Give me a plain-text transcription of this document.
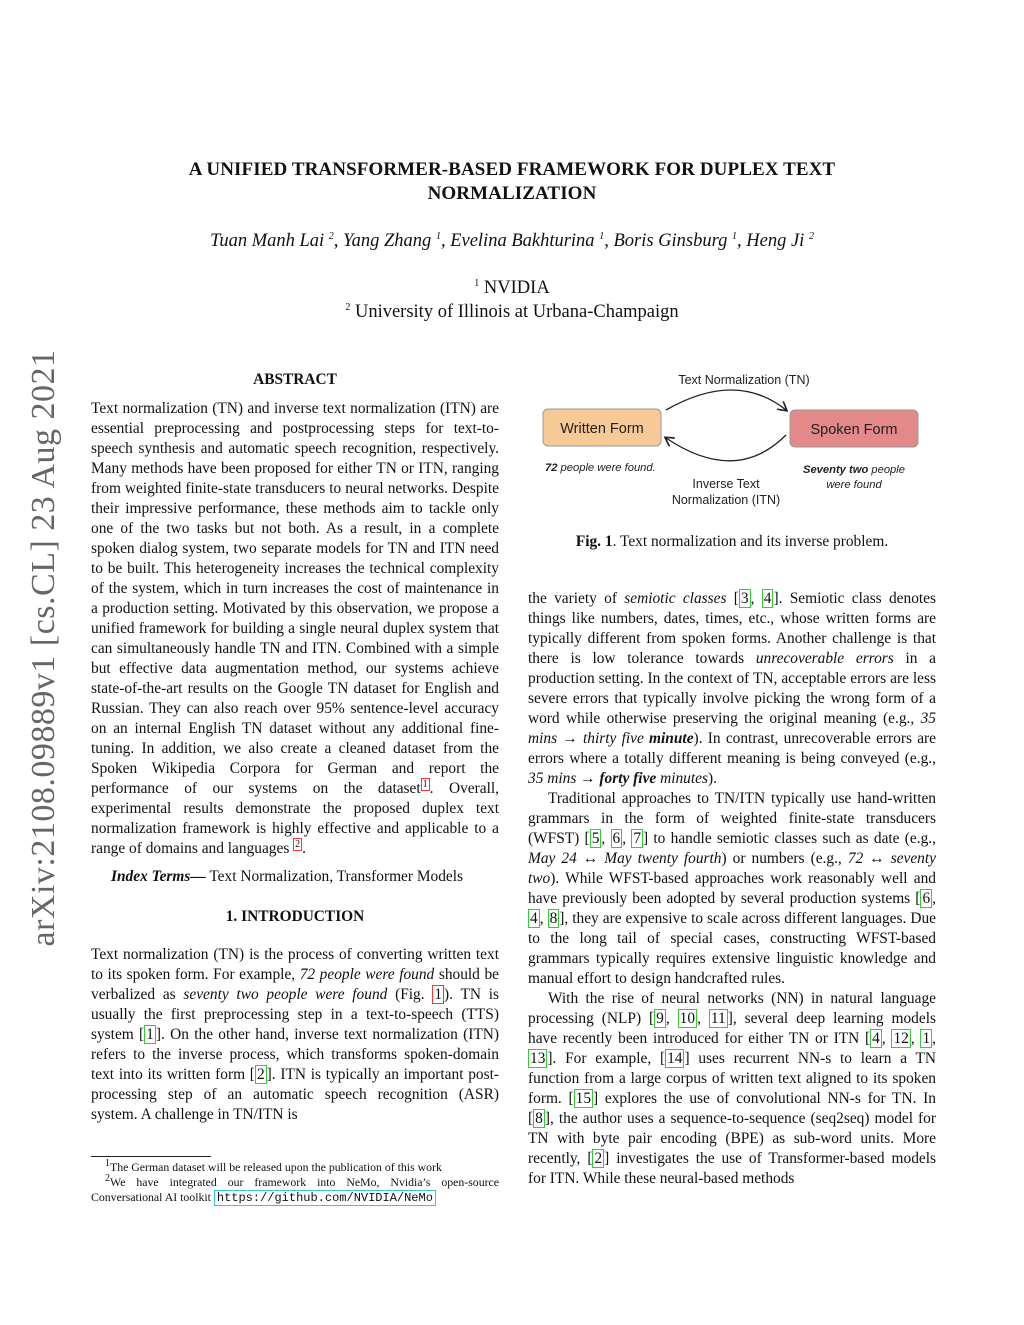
A UNIFIED TRANSFORMER-BASED FRAMEWORK FOR DUPLEX TEXT
NORMALIZATION
Tuan Manh Lai $^2$, Yang Zhang $^1$, Evelina Bakhturina $^1$, Boris Ginsburg $^1$, Heng Ji $^2$
$^1$ NVIDIA
$^2$ University of Illinois at Urbana-Champaign
arXiv:2108.09889v1 [cs.CL] 23 Aug 2021	ABSTRACT

Text normalization (TN) and inverse text normalization (ITN) are essential preprocessing and postprocessing steps for text-to-speech synthesis and automatic speech recognition, respectively. Many methods have been proposed for either TN or ITN, ranging from weighted finite-state transducers to neural networks. Despite their impressive performance, these methods aim to tackle only one of the two tasks but not both. As a result, in a complete spoken dialog system, two separate models for TN and ITN need to be built. This heterogeneity increases the technical complexity of the system, which in turn increases the cost of maintenance in a production setting. Motivated by this observation, we propose a unified framework for building a single neural duplex system that can simultaneously handle TN and ITN. Combined with a simple but effective data augmentation method, our systems achieve state-of-the-art results on the Google TN dataset for English and Russian. They can also reach over 95% sentence-level accuracy on an internal English TN dataset without any additional fine-tuning. In addition, we also create a cleaned dataset from the Spoken Wikipedia Corpora for German and report the performance of our systems on the dataset $^1$ . Overall, experimental results demonstrate the proposed duplex text normalization framework is highly effective and applicable to a range of domains and languages $^2$ .

Index Terms— Text Normalization, Transformer Models

1. INTRODUCTION

Text normalization (TN) is the process of converting written text to its spoken form. For example, 72 people were found should be verbalized as seventy two people were found (Fig. 1 ). TN is usually the first preprocessing step in a text-to-speech (TTS) system [ 1 ]. On the other hand, inverse text normalization (ITN) refers to the inverse process, which transforms spoken-domain text into its written form [ 2 ]. ITN is typically an important post-processing step of an automatic speech recognition (ASR) system. A challenge in TN/ITN is

$^1$The German dataset will be released upon the publication of this work
$^2$We have integrated our framework into NeMo, Nvidia’s open-source Conversational AI toolkit https://github.com/NVIDIA/NeMo
Text Normalization (TN)
Written Form	Spoken Form
72 people were found.	Seventy two people
were found
Inverse Text
Normalization (ITN)
Fig. 1. Text normalization and its inverse problem.

the variety of semiotic classes [ 3 , 4 ]. Semiotic class denotes things like numbers, dates, times, etc., whose written forms are typically different from spoken forms. Another challenge is that there is low tolerance towards unrecoverable errors in a production setting. In the context of TN, acceptable errors are less severe errors that typically involve picking the wrong form of a word while otherwise preserving the original meaning (e.g., 35 mins → thirty five minute). In contrast, unrecoverable errors are errors where a totally different meaning is being conveyed (e.g., 35 mins → forty five minutes).

Traditional approaches to TN/ITN typically use hand-written grammars in the form of weighted finite-state transducers (WFST) [ 5 , 6 , 7 ] to handle semiotic classes such as date (e.g., May 24 ↔ May twenty fourth) or numbers (e.g., 72 ↔ seventy two). While WFST-based approaches work reasonably well and have previously been adopted by several production systems [ 6 , 4 , 8 ], they are expensive to scale across different languages. Due to the long tail of special cases, constructing WFST-based grammars typically requires extensive linguistic knowledge and manual effort to design handcrafted rules.

With the rise of neural networks (NN) in natural language processing (NLP) [ 9 , 10 , 11 ], several deep learning models have recently been introduced for either TN or ITN [ 4 , 12 , 1 , 13 ]. For example, [ 14 ] uses recurrent NN-s to learn a TN function from a large corpus of written text aligned to its spoken form. [ 15 ] explores the use of convolutional NN-s for TN. In [ 8 ], the author uses a sequence-to-sequence (seq2seq) model for TN with byte pair encoding (BPE) as sub-word units. More recently, [ 2 ] investigates the use of Transformer-based models for ITN. While these neural-based methods
